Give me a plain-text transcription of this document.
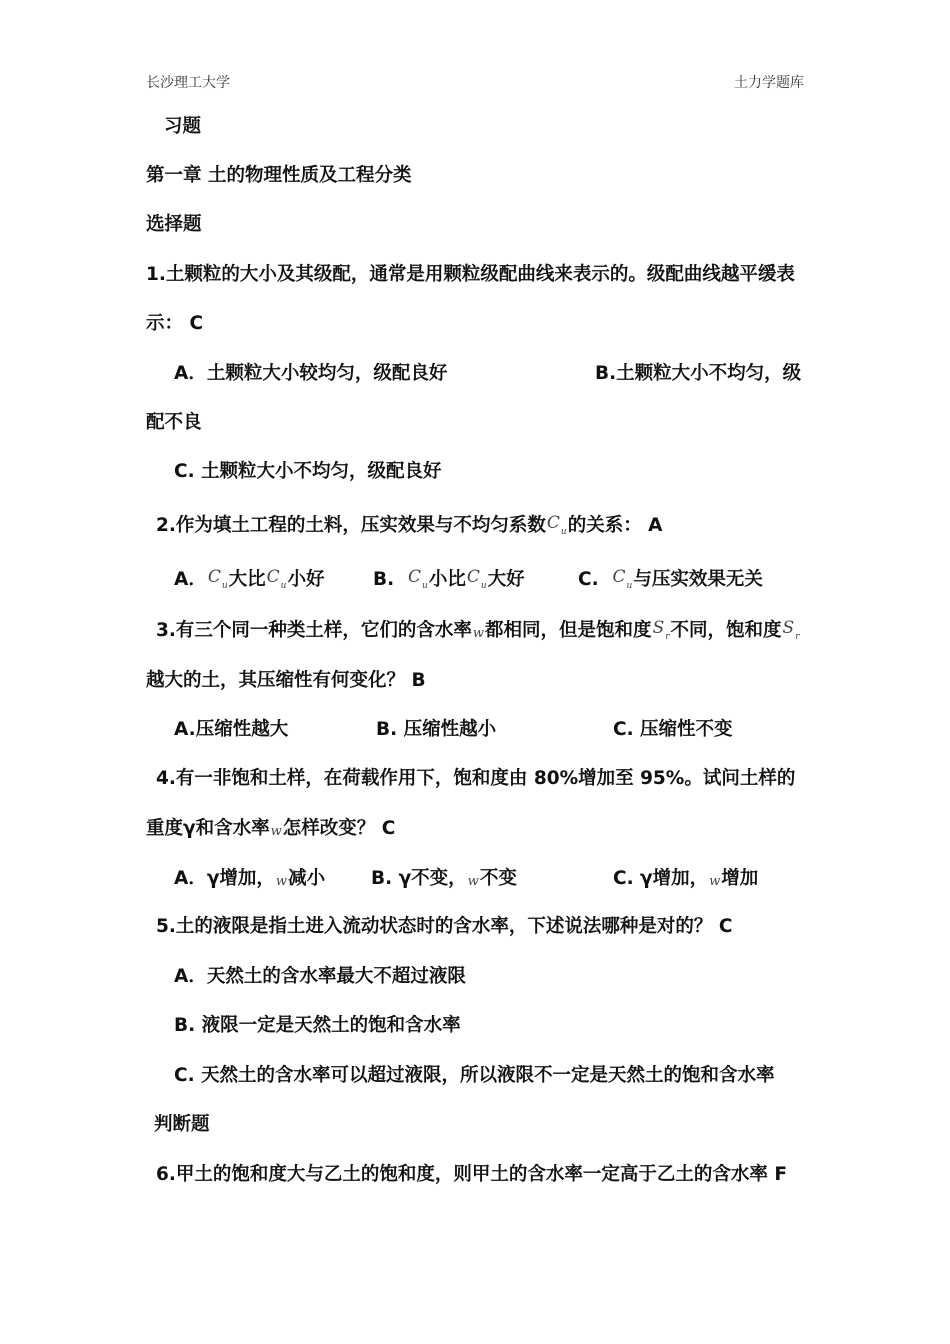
长沙理工大学	土力学题库
习题
第一章 土的物理性质及工程分类
选择题
1.土颗粒的大小及其级配，通常是用颗粒级配曲线来表示的。级配曲线越平缓表
示： C
A．土颗粒大小较均匀，级配良好	B.土颗粒大小不均匀，级
配不良
C. 土颗粒大小不均匀，级配良好
2.作为填土工程的土料，压实效果与不均匀系数$C_u$的关系： A
A．$C_u$大比$C_u$小好	B. $C_u$小比$C_u$大好	C. $C_u$与压实效果无关
3.有三个同一种类土样，它们的含水率w都相同，但是饱和度$S_r$不同，饱和度$S_r$
越大的土，其压缩性有何变化？ B
A.压缩性越大	B. 压缩性越小	C. 压缩性不变
4.有一非饱和土样，在荷载作用下，饱和度由 80%增加至 95%。试问土样的
重度γ和含水率w怎样改变？ C
A．γ增加，w减小 B. γ不变，w不变	C. γ增加，w增加
5.土的液限是指土进入流动状态时的含水率，下述说法哪种是对的？ C
A．天然土的含水率最大不超过液限
B. 液限一定是天然土的饱和含水率
C. 天然土的含水率可以超过液限，所以液限不一定是天然土的饱和含水率
判断题
6.甲土的饱和度大与乙土的饱和度，则甲土的含水率一定高于乙土的含水率 F
